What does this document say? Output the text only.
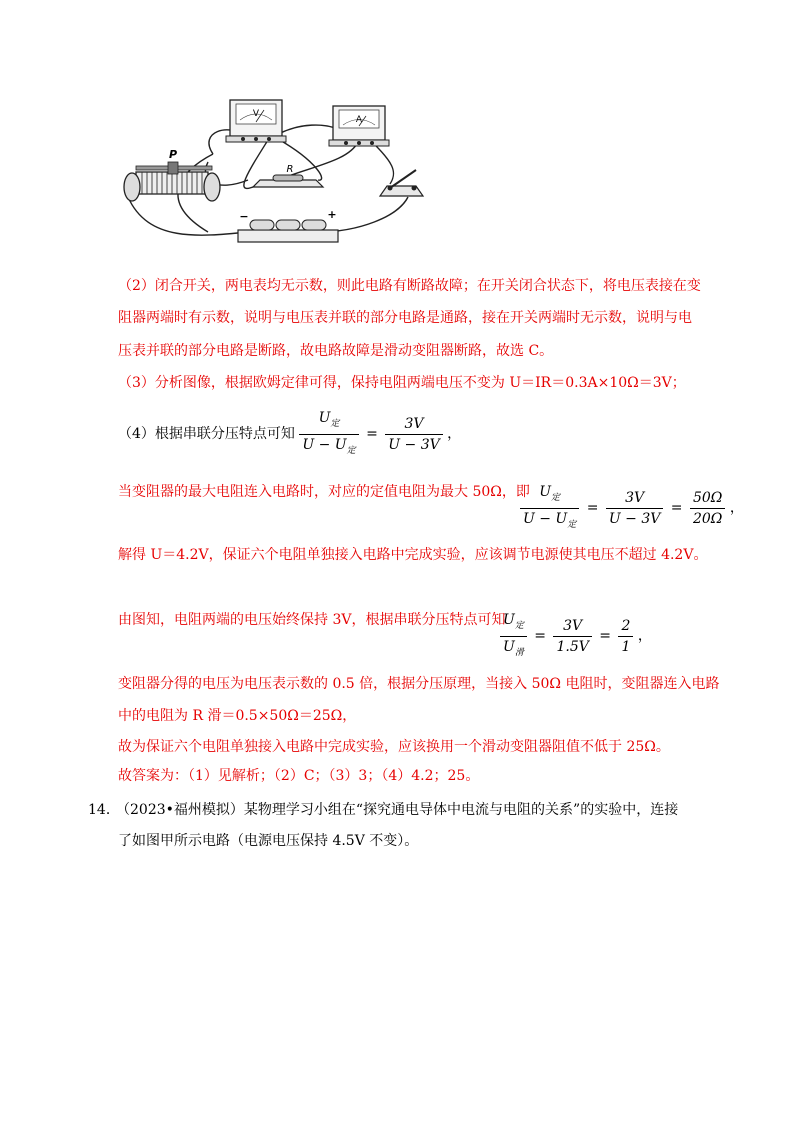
V
A
R
P
−	+
（2）闭合开关，两电表均无示数，则此电路有断路故障；在开关闭合状态下，将电压表接在变
阻器两端时有示数，说明与电压表并联的部分电路是通路，接在开关两端时无示数，说明与电
压表并联的部分电路是断路，故电路故障是滑动变阻器断路，故选 C。
（3）分析图像，根据欧姆定律可得，保持电阻两端电压不变为 U＝IR＝0.3A×10Ω＝3V；
（4）根据串联分压特点可知 $\frac{U_定}{U - U_定} = \frac{3V}{U - 3V}$ ，
当变阻器的最大电阻连入电路时，对应的定值电阻为最大 50Ω，即
$\frac{U_定}{U - U_定} = \frac{3V}{U - 3V} = \frac{50\Omega}{20\Omega}$ ，
解得 U＝4.2V，保证六个电阻单独接入电路中完成实验，应该调节电源使其电压不超过 4.2V。
由图知，电阻两端的电压始终保持 3V，根据串联分压特点可知
$\frac{U_定}{U_滑} = \frac{3V}{1.5V} = \frac{2}{1}$ ，
变阻器分得的电压为电压表示数的 0.5 倍，根据分压原理，当接入 50Ω 电阻时，变阻器连入电路
中的电阻为 R 滑＝0.5×50Ω＝25Ω，
故为保证六个电阻单独接入电路中完成实验，应该换用一个滑动变阻器阻值不低于 25Ω。
故答案为：（1）见解析；（2）C；（3）3；（4）4.2；25。
14．
（2023•福州模拟）某物理学习小组在“探究通电导体中电流与电阻的关系”的实验中，连接
了如图甲所示电路（电源电压保持 4.5V 不变）。
